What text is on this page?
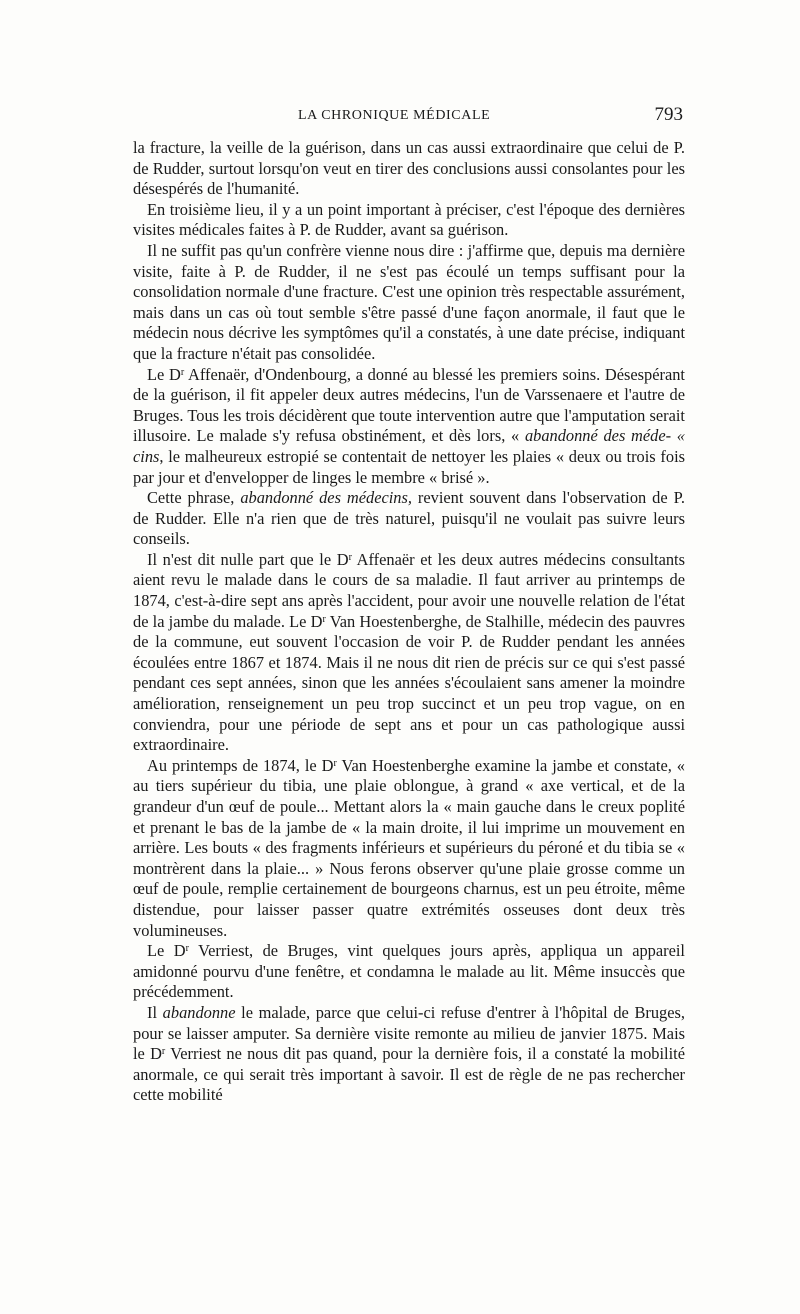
LA CHRONIQUE MÉDICALE	793

la fracture, la veille de la guérison, dans un cas aussi extraordinaire que celui de P. de Rudder, surtout lorsqu'on veut en tirer des conclusions aussi consolantes pour les désespérés de l'humanité.

En troisième lieu, il y a un point important à préciser, c'est l'époque des dernières visites médicales faites à P. de Rudder, avant sa guérison.

Il ne suffit pas qu'un confrère vienne nous dire : j'affirme que, depuis ma dernière visite, faite à P. de Rudder, il ne s'est pas écoulé un temps suffisant pour la consolidation normale d'une fracture. C'est une opinion très respectable assurément, mais dans un cas où tout semble s'être passé d'une façon anormale, il faut que le médecin nous décrive les symptômes qu'il a constatés, à une date précise, indiquant que la fracture n'était pas consolidée.

Le $D^r$ Affenaër, d'Ondenbourg, a donné au blessé les premiers soins. Désespérant de la guérison, il fit appeler deux autres médecins, l'un de Varssenaere et l'autre de Bruges. Tous les trois décidèrent que toute intervention autre que l'amputation serait illusoire. Le malade s'y refusa obstinément, et dès lors, « abandonné des méde- « cins, le malheureux estropié se contentait de nettoyer les plaies « deux ou trois fois par jour et d'envelopper de linges le membre « brisé ».

Cette phrase, abandonné des médecins, revient souvent dans l'observation de P. de Rudder. Elle n'a rien que de très naturel, puisqu'il ne voulait pas suivre leurs conseils.

Il n'est dit nulle part que le $D^r$ Affenaër et les deux autres médecins consultants aient revu le malade dans le cours de sa maladie. Il faut arriver au printemps de 1874, c'est-à-dire sept ans après l'accident, pour avoir une nouvelle relation de l'état de la jambe du malade. Le $D^r$ Van Hoestenberghe, de Stalhille, médecin des pauvres de la commune, eut souvent l'occasion de voir P. de Rudder pendant les années écoulées entre 1867 et 1874. Mais il ne nous dit rien de précis sur ce qui s'est passé pendant ces sept années, sinon que les années s'écoulaient sans amener la moindre amélioration, renseignement un peu trop succinct et un peu trop vague, on en conviendra, pour une période de sept ans et pour un cas pathologique aussi extraordinaire.

Au printemps de 1874, le $D^r$ Van Hoestenberghe examine la jambe et constate, « au tiers supérieur du tibia, une plaie oblongue, à grand « axe vertical, et de la grandeur d'un œuf de poule... Mettant alors la « main gauche dans le creux poplité et prenant le bas de la jambe de « la main droite, il lui imprime un mouvement en arrière. Les bouts « des fragments inférieurs et supérieurs du péroné et du tibia se « montrèrent dans la plaie... » Nous ferons observer qu'une plaie grosse comme un œuf de poule, remplie certainement de bourgeons charnus, est un peu étroite, même distendue, pour laisser passer quatre extrémités osseuses dont deux très volumineuses.

Le $D^r$ Verriest, de Bruges, vint quelques jours après, appliqua un appareil amidonné pourvu d'une fenêtre, et condamna le malade au lit. Même insuccès que précédemment.

Il abandonne le malade, parce que celui-ci refuse d'entrer à l'hôpital de Bruges, pour se laisser amputer. Sa dernière visite remonte au milieu de janvier 1875. Mais le $D^r$ Verriest ne nous dit pas quand, pour la dernière fois, il a constaté la mobilité anormale, ce qui serait très important à savoir. Il est de règle de ne pas rechercher cette mobilité
